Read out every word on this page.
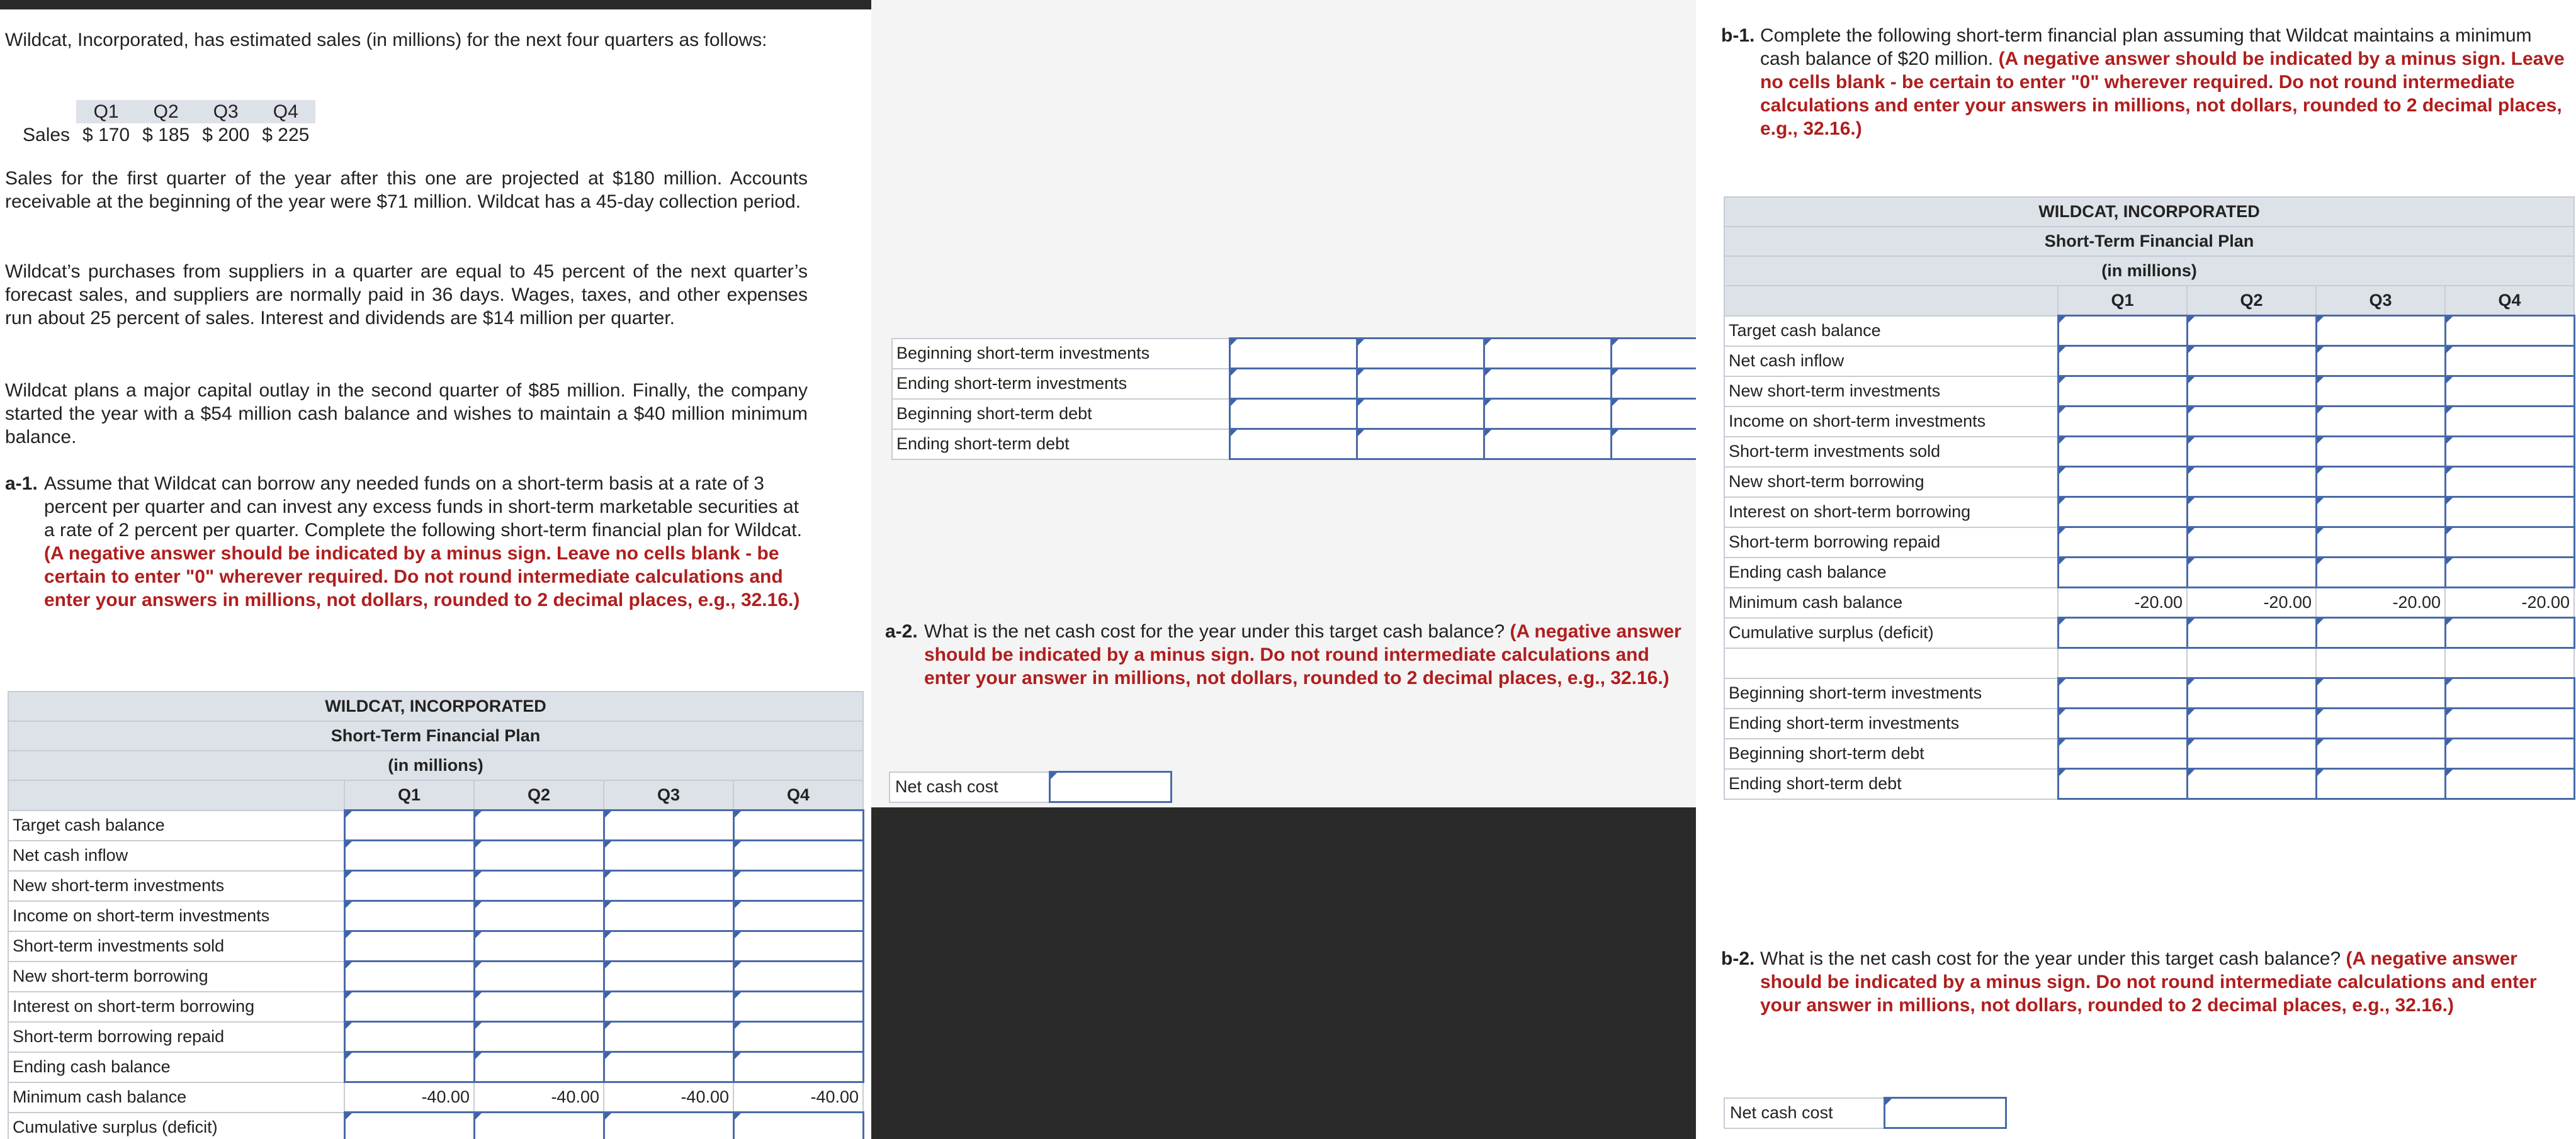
Wildcat, Incorporated, has estimated sales (in millions) for the next four quarters as follows:

	Q1	Q2	Q3	Q4
Sales	$ 170	$ 185	$ 200	$ 225

Sales for the first quarter of the year after this one are projected at $180 million. Accounts receivable at the beginning of the year were $71 million. Wildcat has a 45-day collection period.

Wildcat’s purchases from suppliers in a quarter are equal to 45 percent of the next quarter’s forecast sales, and suppliers are normally paid in 36 days. Wages, taxes, and other expenses run about 25 percent of sales. Interest and dividends are $14 million per quarter.

Wildcat plans a major capital outlay in the second quarter of $85 million. Finally, the company started the year with a $54 million cash balance and wishes to maintain a $40 million minimum balance.

a-1. Assume that Wildcat can borrow any needed funds on a short-term basis at a rate of 3 percent per quarter and can invest any excess funds in short-term marketable securities at a rate of 2 percent per quarter. Complete the following short-term financial plan for Wildcat. (A negative answer should be indicated by a minus sign. Leave no cells blank - be certain to enter "0" wherever required. Do not round intermediate calculations and enter your answers in millions, not dollars, rounded to 2 decimal places, e.g., 32.16.)

WILDCAT, INCORPORATED				
Short-Term Financial Plan				
(in millions)				
	Q1	Q2	Q3	Q4
Target cash balance				
Net cash inflow				
New short-term investments				
Income on short-term investments				
Short-term investments sold				
New short-term borrowing				
Interest on short-term borrowing				
Short-term borrowing repaid				
Ending cash balance				
Minimum cash balance	-40.00	-40.00	-40.00	-40.00
Cumulative surplus (deficit)				

Beginning short-term investments				
Ending short-term investments				
Beginning short-term debt				
Ending short-term debt				

a-2. What is the net cash cost for the year under this target cash balance? (A negative answer should be indicated by a minus sign. Do not round intermediate calculations and enter your answer in millions, not dollars, rounded to 2 decimal places, e.g., 32.16.)

Net cash cost	

b-1. Complete the following short-term financial plan assuming that Wildcat maintains a minimum cash balance of $20 million. (A negative answer should be indicated by a minus sign. Leave no cells blank - be certain to enter "0" wherever required. Do not round intermediate calculations and enter your answers in millions, not dollars, rounded to 2 decimal places, e.g., 32.16.)

WILDCAT, INCORPORATED				
Short-Term Financial Plan				
(in millions)				
	Q1	Q2	Q3	Q4
Target cash balance				
Net cash inflow				
New short-term investments				
Income on short-term investments				
Short-term investments sold				
New short-term borrowing				
Interest on short-term borrowing				
Short-term borrowing repaid				
Ending cash balance				
Minimum cash balance	-20.00	-20.00	-20.00	-20.00
Cumulative surplus (deficit)				

Beginning short-term investments				
Ending short-term investments				
Beginning short-term debt				
Ending short-term debt				

b-2. What is the net cash cost for the year under this target cash balance? (A negative answer should be indicated by a minus sign. Do not round intermediate calculations and enter your answer in millions, not dollars, rounded to 2 decimal places, e.g., 32.16.)

Net cash cost	
